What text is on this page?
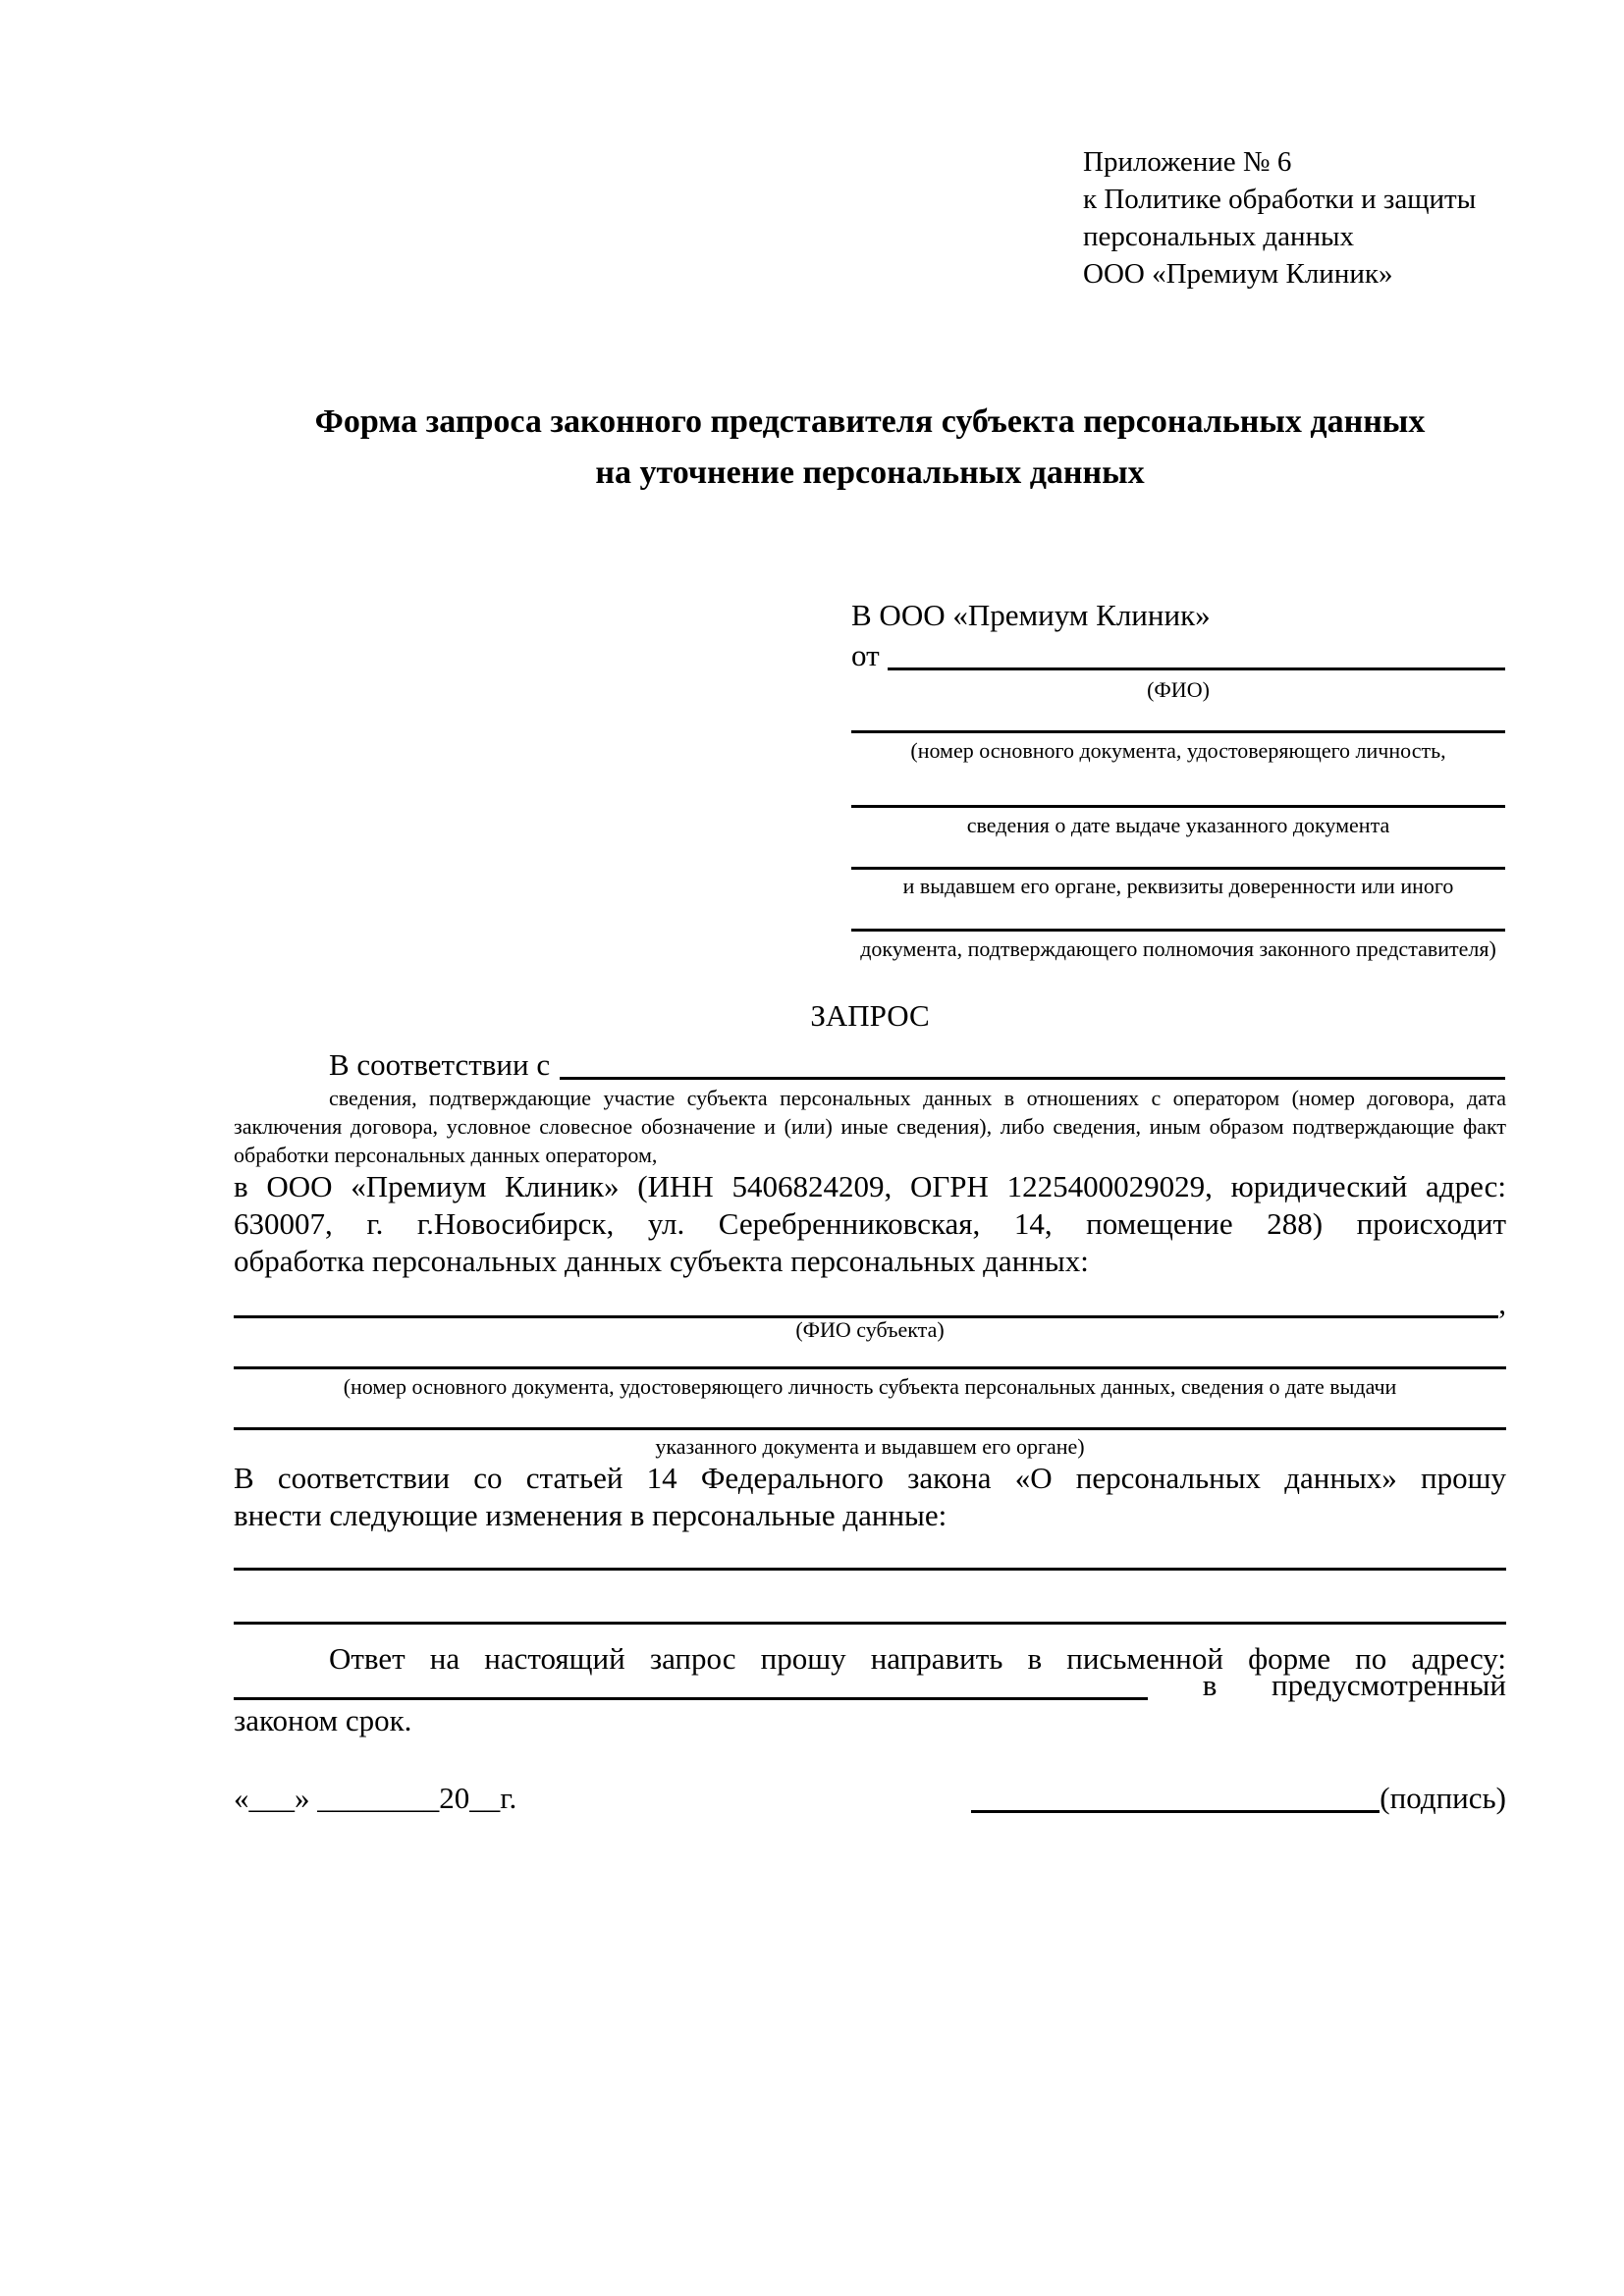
Приложение № 6
к Политике обработки и защиты
персональных данных
ООО «Премиум Клиник»
Форма запроса законного представителя субъекта персональных данных
на уточнение персональных данных
В ООО «Премиум Клиник»
от
(ФИО)
(номер основного документа, удостоверяющего личность,
сведения о дате выдаче указанного документа
и выдавшем его органе, реквизиты доверенности или иного
документа, подтверждающего полномочия законного представителя)
ЗАПРОС
В соответствии с
сведения, подтверждающие участие субъекта персональных данных в отношениях с оператором (номер договора, дата
заключения договора, условное словесное обозначение и (или) иные сведения), либо сведения, иным образом подтверждающие факт
обработки персональных данных оператором,
в ООО «Премиум Клиник» (ИНН 5406824209, ОГРН 1225400029029, юридический адрес:
630007, г. г.Новосибирск, ул. Серебренниковская, 14, помещение 288) происходит
обработка персональных данных субъекта персональных данных:
,
(ФИО субъекта)
(номер основного документа, удостоверяющего личность субъекта персональных данных, сведения о дате выдачи
указанного документа и выдавшем его органе)
В соответствии со статьей 14 Федерального закона «О персональных данных» прошу
внести следующие изменения в персональные данные:
Ответ на настоящий запрос прошу направить в письменной форме по адресу:
в предусмотренный
законом срок.
«___» ________20__г.	(подпись)
